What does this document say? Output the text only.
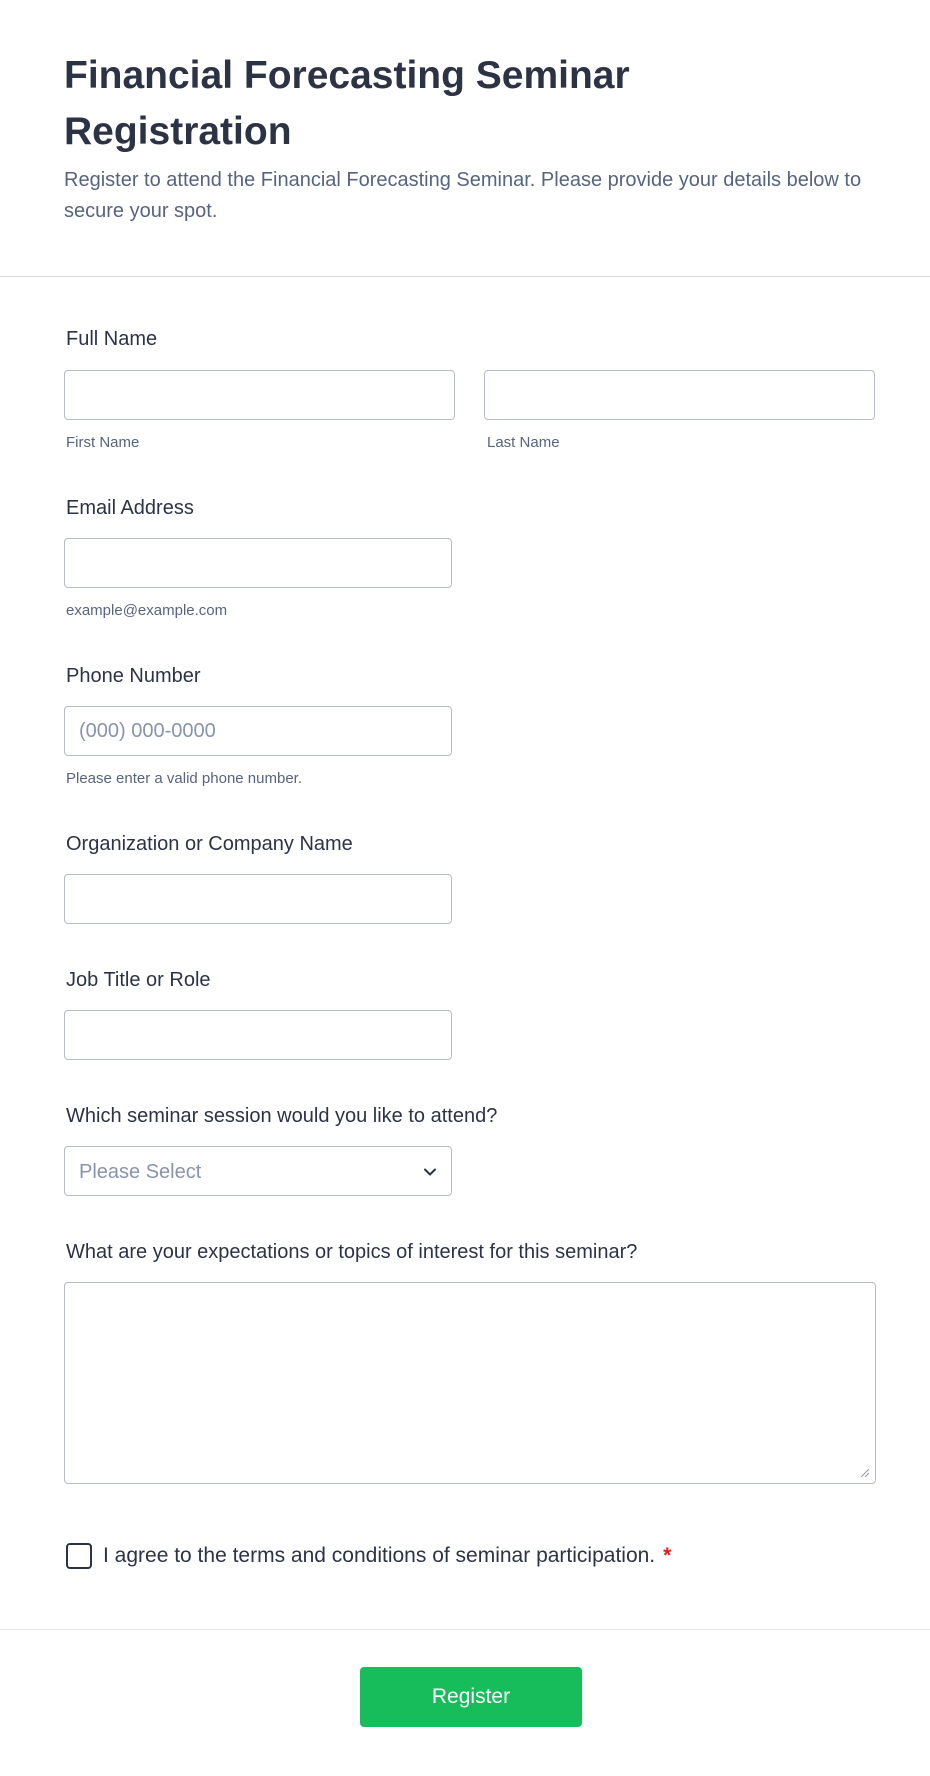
Financial Forecasting Seminar Registration

Register to attend the Financial Forecasting Seminar. Please provide your details below to secure your spot.

Full Name
First Name	Last Name
Email Address
example@example.com
Phone Number
(000) 000-0000
Please enter a valid phone number.
Organization or Company Name
Job Title or Role
Which seminar session would you like to attend?
Please Select
What are your expectations or topics of interest for this seminar?
I agree to the terms and conditions of seminar participation. *
Register
